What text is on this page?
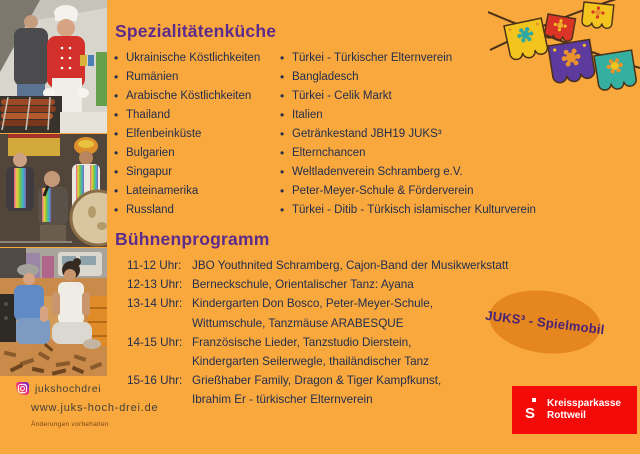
Spezialitätenküche
• Ukrainische Köstlichkeiten
• Rumänien
• Arabische Köstlichkeiten
• Thailand
• Elfenbeinküste
• Bulgarien
• Singapur
• Lateinamerika
• Russland
• Türkei - Türkischer Elternverein
• Bangladesch
• Türkei - Celik Markt
• Italien
• Getränkestand JBH19 JUKS³
• Elternchancen
• Weltladenverein Schramberg e.V.
• Peter-Meyer-Schule & Förderverein
• Türkei - Ditib - Türkisch islamischer Kulturverein
Bühnenprogramm
11-12 Uhr: JBO Youthnited Schramberg, Cajon-Band der Musikwerkstatt
12-13 Uhr: Berneckschule, Orientalischer Tanz: Ayana
13-14 Uhr: Kindergarten Don Bosco, Peter-Meyer-Schule,
Wittumschule, Tanzmäuse ARABESQUE
14-15 Uhr: Französische Lieder, Tanzstudio Dierstein,
Kindergarten Seilerwegle, thailändischer Tanz
15-16 Uhr: Grießhaber Family, Dragon & Tiger Kampfkunst,
Ibrahim Er - türkischer Elternverein
JUKS³ - Spielmobil
jukshochdrei
www.juks-hoch-drei.de
Änderungen vorbehalten
S
Kreissparkasse
Rottweil
